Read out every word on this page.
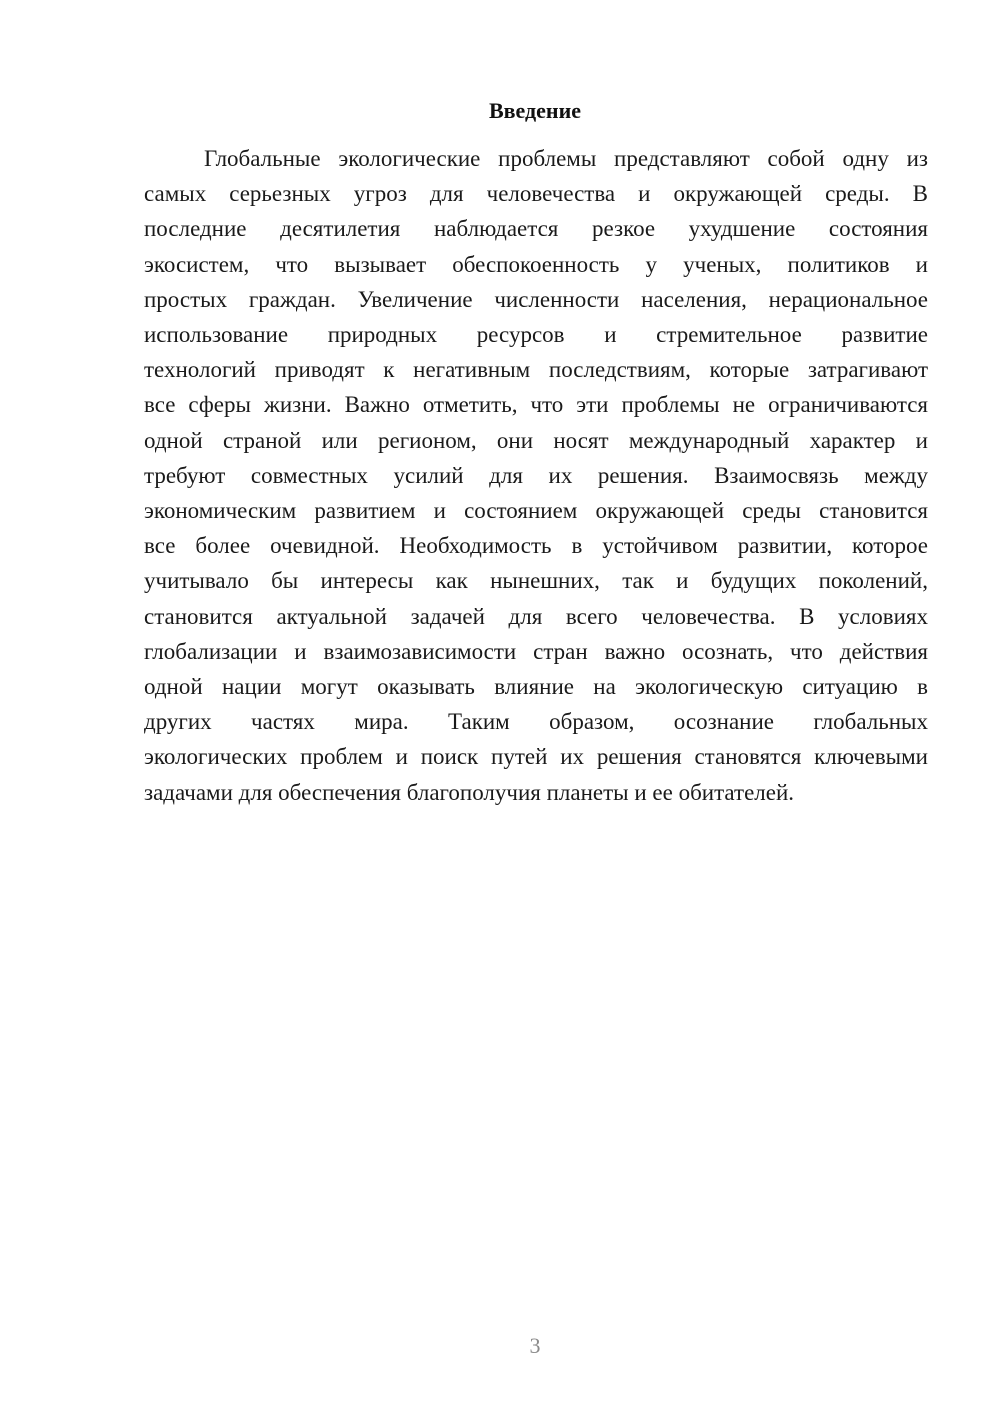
Введение
Глобальные экологические проблемы представляют собой одну из
самых серьезных угроз для человечества и окружающей среды. В
последние десятилетия наблюдается резкое ухудшение состояния
экосистем, что вызывает обеспокоенность у ученых, политиков и
простых граждан. Увеличение численности населения, нерациональное
использование природных ресурсов и стремительное развитие
технологий приводят к негативным последствиям, которые затрагивают
все сферы жизни. Важно отметить, что эти проблемы не ограничиваются
одной страной или регионом, они носят международный характер и
требуют совместных усилий для их решения. Взаимосвязь между
экономическим развитием и состоянием окружающей среды становится
все более очевидной. Необходимость в устойчивом развитии, которое
учитывало бы интересы как нынешних, так и будущих поколений,
становится актуальной задачей для всего человечества. В условиях
глобализации и взаимозависимости стран важно осознать, что действия
одной нации могут оказывать влияние на экологическую ситуацию в
других частях мира. Таким образом, осознание глобальных
экологических проблем и поиск путей их решения становятся ключевыми
задачами для обеспечения благополучия планеты и ее обитателей.
3
